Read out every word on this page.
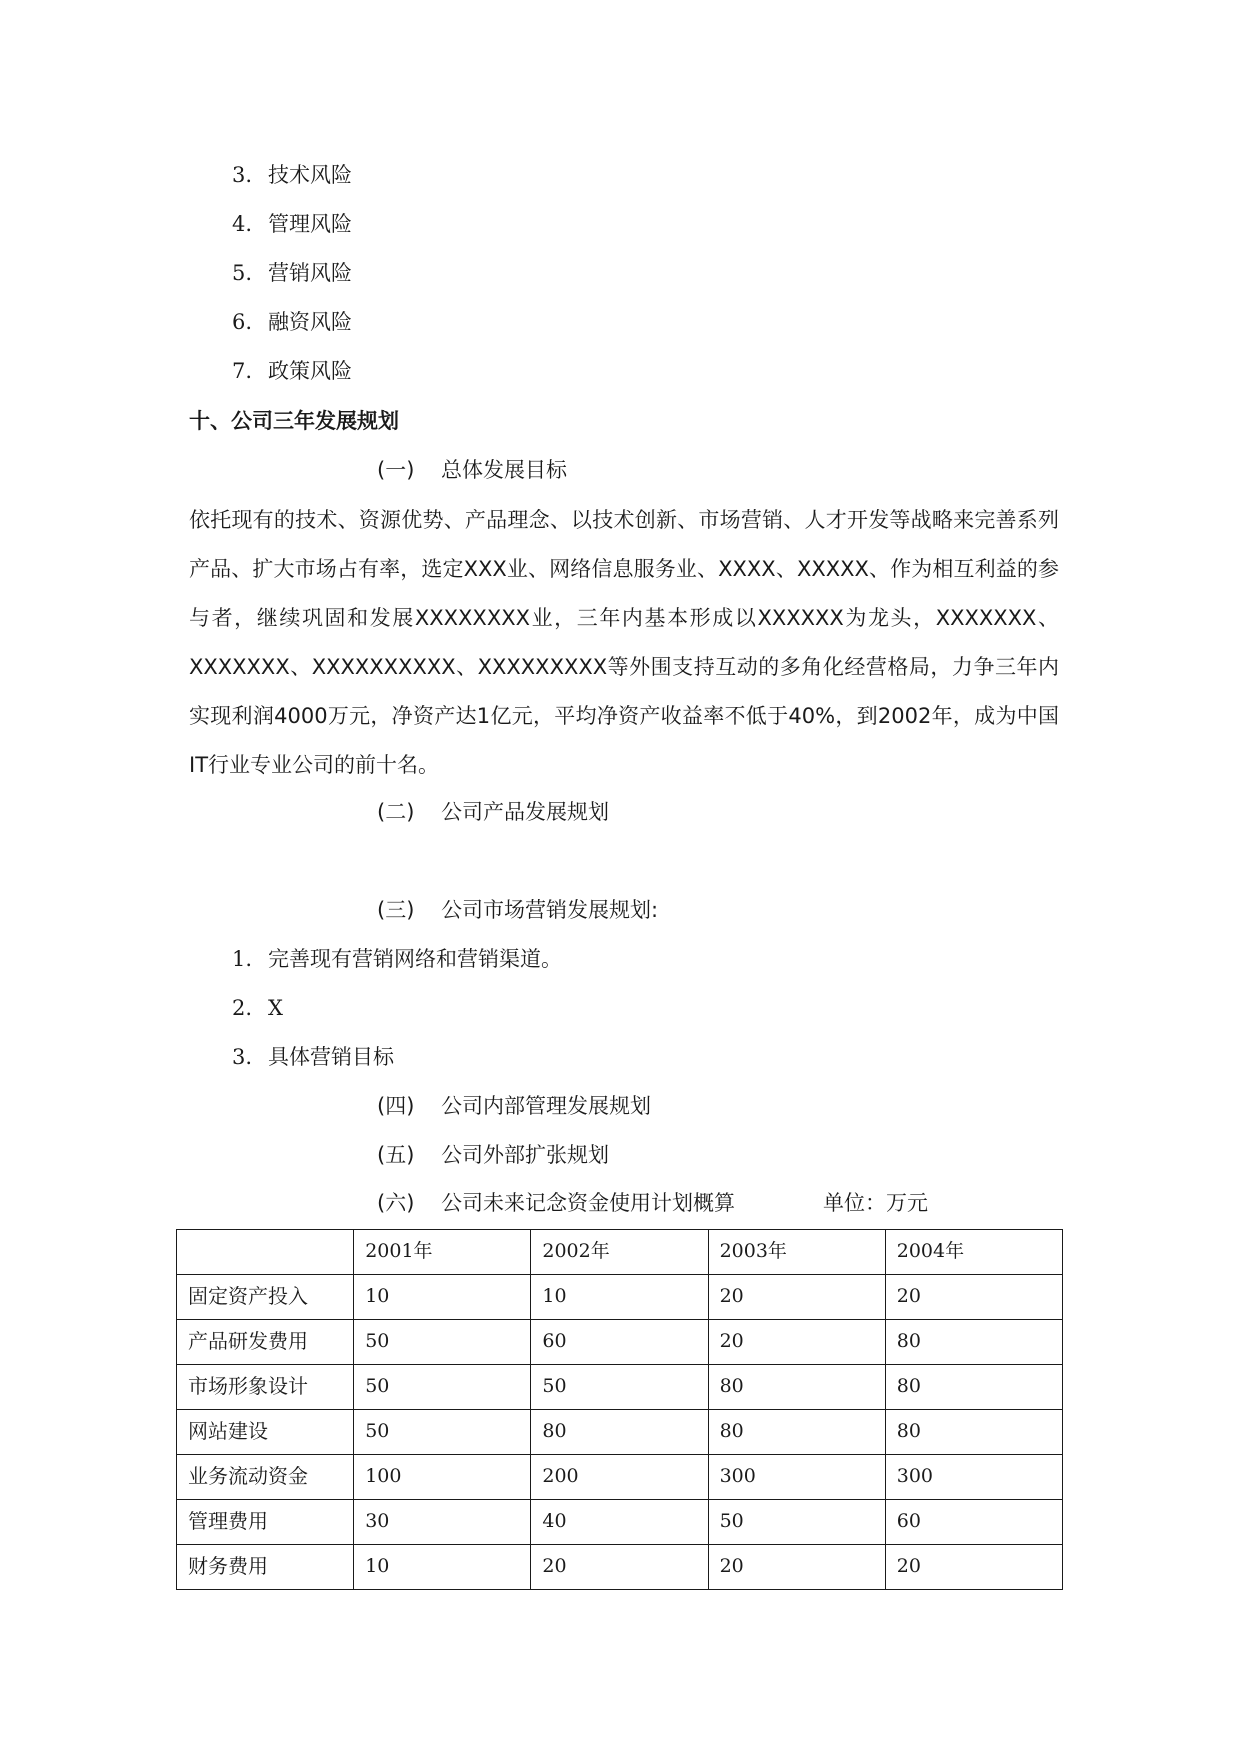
3. 技术风险
4. 管理风险
5. 营销风险
6. 融资风险
7. 政策风险
十、公司三年发展规划
(一) 总体发展目标

依托现有的技术、资源优势、产品理念、以技术创新、市场营销、人才开发等战略来完善系列产品、扩大市场占有率，选定XXX业、网络信息服务业、XXXX、XXXXX、作为相互利益的参与者，继续巩固和发展XXXXXXXX业，三年内基本形成以XXXXXX为龙头，XXXXXXX、XXXXXXX、XXXXXXXXXX、XXXXXXXXX等外围支持互动的多角化经营格局，力争三年内实现利润4000万元，净资产达1亿元，平均净资产收益率不低于40%，到2002年，成为中国IT行业专业公司的前十名。

(二) 公司产品发展规划
(三) 公司市场营销发展规划:
1. 完善现有营销网络和营销渠道。
2. X
3. 具体营销目标
(四) 公司内部管理发展规划
(五) 公司外部扩张规划
(六) 公司未来记念资金使用计划概算	单位：万元
	2001年	2002年	2003年	2004年
固定资产投入	10	10	20	20
产品研发费用	50	60	20	80
市场形象设计	50	50	80	80
网站建设	50	80	80	80
业务流动资金	100	200	300	300
管理费用	30	40	50	60
财务费用	10	20	20	20
